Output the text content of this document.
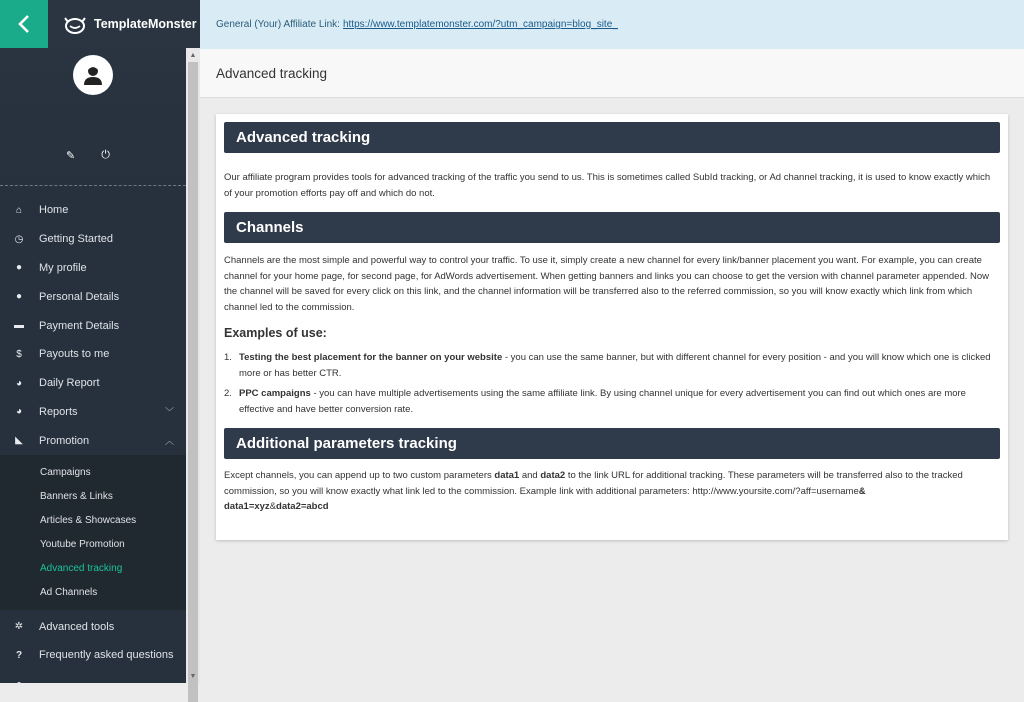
TemplateMonster
✎ ⏻
⌂	Home
◷ Getting Started
●	My profile
●	Personal Details
▬ Payment Details
$	Payouts to me
◕	Daily Report
◕	Reports	﹀
◣ Promotion	︿
Campaigns
Banners & Links
Articles & Showcases
Youtube Promotion
Advanced tracking
Ad Channels
✲ Advanced tools
?	Frequently asked questions
●
▲
▼
General (Your) Affiliate Link: https://www.templatemonster.com/?utm_campaign=blog_site_
Advanced tracking
Advanced tracking

Our affiliate program provides tools for advanced tracking of the traffic you send to us. This is sometimes called SubId tracking, or Ad channel tracking, it is used to know exactly which of your promotion efforts pay off and which do not.

Channels

Channels are the most simple and powerful way to control your traffic. To use it, simply create a new channel for every link/banner placement you want. For example, you can create channel for your home page, for second page, for AdWords advertisement. When getting banners and links you can choose to get the version with channel parameter appended. Now the channel will be saved for every click on this link, and the channel information will be transferred also to the referred commission, so you will know exactly which link from which channel led to the commission.

Examples of use:
1. Testing the best placement for the banner on your website - you can use the same banner, but with different channel for every position - and you will know which one is clicked more or has better CTR.
2. PPC campaigns - you can have multiple advertisements using the same affiliate link. By using channel unique for every advertisement you can find out which ones are more effective and have better conversion rate.
Additional parameters tracking

Except channels, you can append up to two custom parameters data1 and data2 to the link URL for additional tracking. These parameters will be transferred also to the tracked commission, so you will know exactly what link led to the commission. Example link with additional parameters: http://www.yoursite.com/?aff=username&
data1=xyz&data2=abcd
